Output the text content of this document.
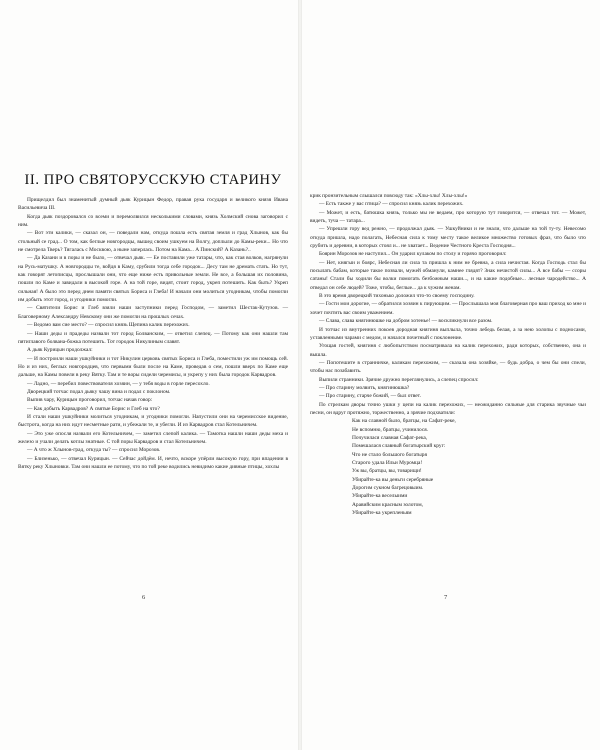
II. ПРО СВЯТОРУССКУЮ СТАРИНУ

Прищелдил был знаменитый думный дьяк Курицын Федор, правая рука государя и великого князя Ивана Васильевича III.

Когда дьяк поздоровался со всеми и перемолвился несколькими словами, князь Холмский снова заговорил с ним.

— Вот эти калики, — сказал он, — поведали нам, откуда пошла есть святая земля и град Хлынов, как бы стольный се град... О том, как беглые новгородцы, вышед своим ушкуем на Волгу, доплыли до Камы-реки... Но что не смотрела Тверь? Тягалась с Москвою, а ныне заперлась. Потом на Кама... А Пинский? А Казань?..

— Да Казани и в поры и не было, — отвечал дьяк. — Ее поставили уже татары, что, как стая волков, нагрянули на Русь-матушку. А новгородцы те, войдя в Каму, срубили тогда себе городок... Десу там не дремать стать. Но тут, как говорят летописцы, прослышали они, что еще ниже есть привольные земли. Не все, а большая их половина, пошли по Каме и завидали в высокой горе. А на той горе, видят, стоит город, укреп потешить. Как быть? Укреп сильная! А было это перед днем памяти святых Бориса и Глеба! И начали они молиться угодникам, чтобы помогли им добыть этот город, и угодники помогли.

— Святители Борис и Глеб взяли наши заступники перед Господом, — заметил Шестак-Кутузов. — Благоверному Александру Невскому они же помогли на прошлых сечах.

— Ведомо вам сие место? — спросил князь Щепина калик перехожих.

— Наши деды и прадеды назвали тот город Болванским, — ответил слепец. — Потому как они нашли там пятиглавого болвана-божка потешить. Тот городок Никулиным славят.

А дьяк Курицын продолжал:

— И построили наши ушкуйники и тот Никулин церковь святых Бориса и Глеба, поместили уж им помощь сей. Но и из них, беглых новгородцев, что первыми были после на Каме, проведав о сем, пошли вверх по Каме еще дальше, на Камы повели в реку Вятку. Там и те воры сидели черемисы, и укрепу у них была городок Карвадров.

— Ладно, — перебил повествователя хозяин, — у тебя воды в горле пересохло.

Дворецкий тотчас подал дьяку чашу вина и подал с поклоном.

Выпив чару, Курицын проговорил, тотчас начав говор:

— Как добыть Карвадров? А святые Борис и Глеб на что?

И стали наши ушкуйники молиться угодникам, и угодники помогли. Напустили они на черемисское видение, быстрота, когда на них идут несметные рати, и убежали те, и убегли. И из Карвадров стал Котельничем.

— Это уже опосля назвали его Котельничем, — заметил слепой калика. — Тамотка нашли наши деды меха и железо и учали делать котлы знатные. С той поры Карвадров и стал Котельничем.

— А что ж Хлынов-град, откуда ты? — спросил Морозов.

— Близенько, — отвечал Курицын. — Сейчас дойдём. И, нечто, вскоре упёрли высокую гору, при впадении в Вятку реку Хлыновки. Там они нашли ее потому, что по той реке водились невидимо какие дивные птицы, хохлы

6

крик пронзительным слышался повсюду так: «Хлы-хлы! Хлы-хлы!»

— Есть также у вас птица? — спросил князь калик перехожих.

— Может, и есть, батюшка князь, только мы не ведаем, про которую тут говорится, — отвечал тот. — Может, видеть, туча — татара...

— Упрешли гору вед режно, — продолжал дьяк. — Ушкуйники и не знали, что дальше на той ту-ту. Невесомо откуда пришла, надо полагать, Небесная сила к тому месту такое великое множество готовых фраз, что было что срубить и деревни, в которых стоял и... не хватает... Ведение Честного Креста Господня...

Боярин Морозов не наступил... Он ударил кулаком по столу и горячо проговорил:

— Нет, княгыи и боярс, Небесная ли сила та пришла к ним не бревна, а сила нечистая. Когда Господь стал бы посылать бабам, которые такое позвали, мужей обманули, камнее глядят? Знак нечистой силы... А все бабы — ссоры сатаны! Стали бы ходили бы волки помогать безбожным наши..., и на какие подобные... лесные чародейство... А отведал он себе людей? Тоже, чтобы, беглые... да к чужим женам.

В это время дворецкий тихонько доложил что-то своему господину.

— Гости мои дорогие, — обратился хозяин к пирующим. — Прослышала моя благоверная про ваш приход ко мне и хочет почтить вас своим уважением.

— Слава, слава княгинюшке на добром хотенье! — воскликнули все разом.

И тотчас из внутренних покоев дородная княгиня выплыла, точно лебедь белая, а за нею холопы с подносами, уставленными чарами с медом, и начался почетный с поклонение.

Угощая гостей, княгиня с любопытством посматривала на калик перехожих, ради которых, собственно, она и вышла.

— Попотешите в странничке, каликам перехожим, — сказала она хозяйке, — будь добра, о чем бы они спели, чтобы нас позабавить.

Выпили странники. Зрячие дружно переглянулись, а слепец спросил:

— Про старину молвить, княгинюшка?

— Про старину, старче божий, — был ответ.

По стрелкам дворы точно ушки у цепи на калик перехожих, — неожиданно сильные для старика звучные чьи песни, он вдруг протяжно, торжественно, а зрячие подхватили:

Как на славной было, братцы, на Сафат-реке,
Не вспомню, братцы, учинилося.
Почучилася славная Сафат-река,
Помешалася славный богатырский круг:
Что не стало большого богатыря
Старого удала Ильи Муромца!
Уж вы, братцы, вы, товарищи!
Убирайте-ка вы деньги серебряные
Дорогим сукном багрецовыим.
Убирайте-ка веселыими
Аравийским красным золотом,
Убирайте-ка укрепленьям
7
